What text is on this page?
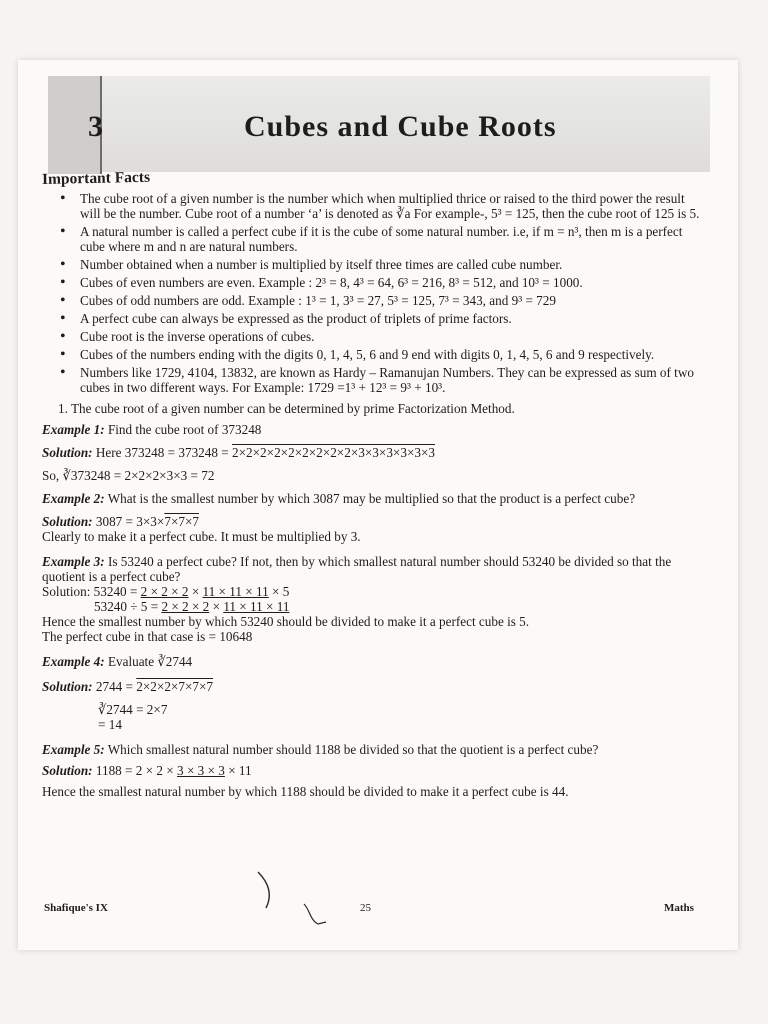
3	Cubes and Cube Roots
Important Facts
• The cube root of a given number is the number which when multiplied thrice or raised to the third power the result will be the number. Cube root of a number ‘a’ is denoted as ∛a For example-, 5³ = 125, then the cube root of 125 is 5.
• A natural number is called a perfect cube if it is the cube of some natural number. i.e, if m = n³, then m is a perfect cube where m and n are natural numbers.
• Number obtained when a number is multiplied by itself three times are called cube number.
• Cubes of even numbers are even. Example : 2³ = 8, 4³ = 64, 6³ = 216, 8³ = 512, and 10³ = 1000.
• Cubes of odd numbers are odd. Example : 1³ = 1, 3³ = 27, 5³ = 125, 7³ = 343, and 9³ = 729
• A perfect cube can always be expressed as the product of triplets of prime factors.
• Cube root is the inverse operations of cubes.
• Cubes of the numbers ending with the digits 0, 1, 4, 5, 6 and 9 end with digits 0, 1, 4, 5, 6 and 9 respectively.
• Numbers like 1729, 4104, 13832, are known as Hardy – Ramanujan Numbers. They can be expressed as sum of two cubes in two different ways. For Example: 1729 =1³ + 12³ = 9³ + 10³.

1. The cube root of a given number can be determined by prime Factorization Method.

Example 1: Find the cube root of 373248

Solution: Here 373248 = 373248 = 2×2×2×2×2×2×2×2×2×3×3×3×3×3×3

So, ∛373248 = 2×2×2×3×3 = 72

Example 2: What is the smallest number by which 3087 may be multiplied so that the product is a perfect cube?

Solution: 3087 = 3×3×7×7×7

Clearly to make it a perfect cube. It must be multiplied by 3.

Example 3: Is 53240 a perfect cube? If not, then by which smallest natural number should 53240 be divided so that the quotient is a perfect cube?

Solution: 53240 = 2 × 2 × 2 × 11 × 11 × 11 × 5

53240 ÷ 5 = 2 × 2 × 2 × 11 × 11 × 11

Hence the smallest number by which 53240 should be divided to make it a perfect cube is 5.

The perfect cube in that case is = 10648

Example 4: Evaluate ∛2744

Solution: 2744 = 2×2×2×7×7×7

∛2744 = 2×7

= 14

Example 5: Which smallest natural number should 1188 be divided so that the quotient is a perfect cube?

Solution: 1188 = 2 × 2 × 3 × 3 × 3 × 11

Hence the smallest natural number by which 1188 should be divided to make it a perfect cube is 44.

Shafique's IX	25	Maths
